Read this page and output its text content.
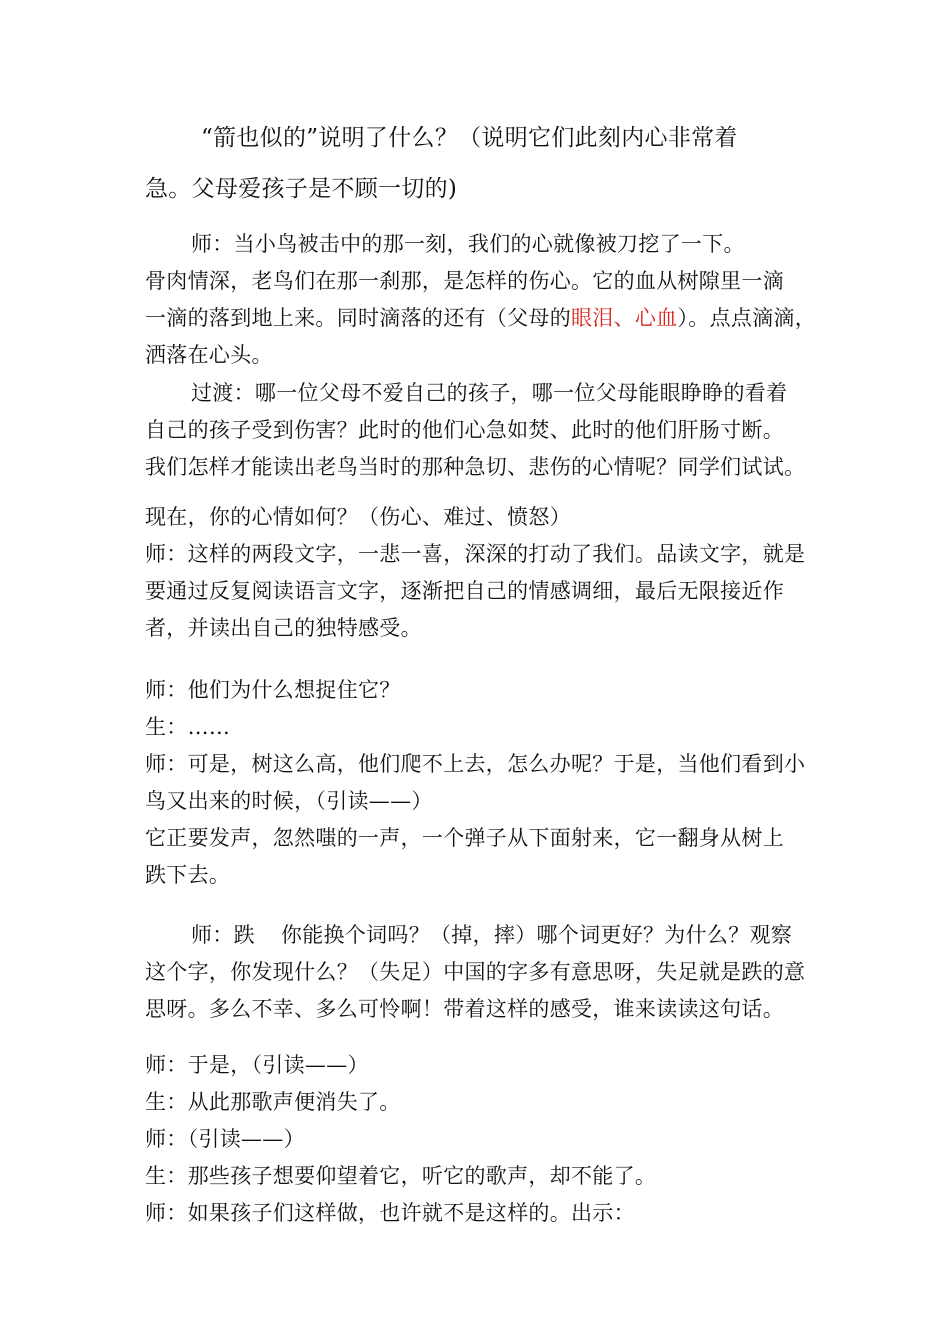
“箭也似的”说明了什么？（说明它们此刻内心非常着
急。父母爱孩子是不顾一切的)
师：当小鸟被击中的那一刻，我们的心就像被刀挖了一下。
骨肉情深，老鸟们在那一刹那，是怎样的伤心。它的血从树隙里一滴
一滴的落到地上来。同时滴落的还有（父母的眼泪、心血）。点点滴滴，
洒落在心头。
过渡：哪一位父母不爱自己的孩子，哪一位父母能眼睁睁的看着
自己的孩子受到伤害？此时的他们心急如焚、此时的他们肝肠寸断。
我们怎样才能读出老鸟当时的那种急切、悲伤的心情呢？同学们试试。
现在，你的心情如何？（伤心、难过、愤怒）
师：这样的两段文字，一悲一喜，深深的打动了我们。品读文字，就是
要通过反复阅读语言文字，逐渐把自己的情感调细，最后无限接近作
者，并读出自己的独特感受。
师：他们为什么想捉住它？
生：……
师：可是，树这么高，他们爬不上去，怎么办呢？于是，当他们看到小
鸟又出来的时候，（引读——）
它正要发声，忽然嗤的一声，一个弹子从下面射来，它一翻身从树上
跌下去。
师：跌 你能换个词吗？（掉，摔）哪个词更好？为什么？观察
这个字，你发现什么？（失足）中国的字多有意思呀，失足就是跌的意
思呀。多么不幸、多么可怜啊！带着这样的感受，谁来读读这句话。
师：于是，（引读——）
生：从此那歌声便消失了。
师：（引读——）
生：那些孩子想要仰望着它，听它的歌声，却不能了。
师：如果孩子们这样做，也许就不是这样的。出示：
